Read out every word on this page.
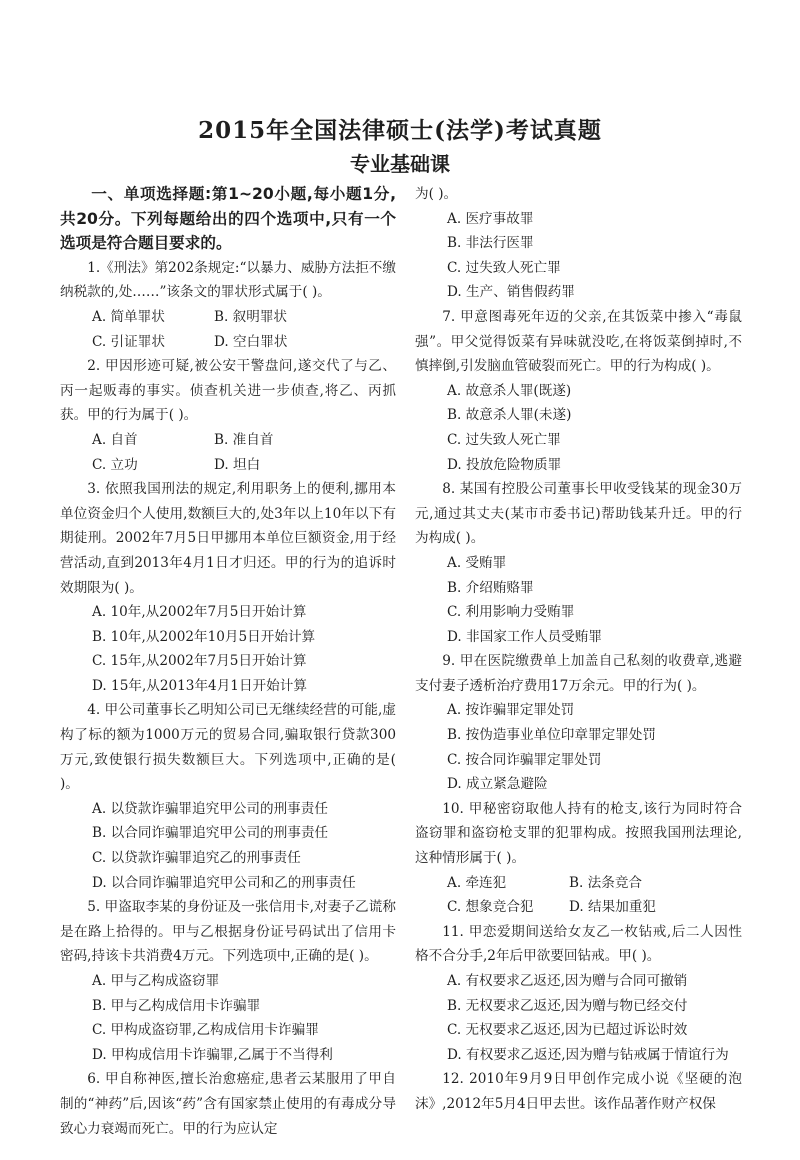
2015年全国法律硕士(法学)考试真题
专业基础课

一、单项选择题:第1~20小题,每小题1分,共20分。下列每题给出的四个选项中,只有一个选项是符合题目要求的。

1.《刑法》第202条规定:“以暴力、威胁方法拒不缴纳税款的,处……”该条文的罪状形式属于( )。

A. 简单罪状	B. 叙明罪状
C. 引证罪状	D. 空白罪状

2. 甲因形迹可疑,被公安干警盘问,遂交代了与乙、丙一起贩毒的事实。侦查机关进一步侦查,将乙、丙抓获。甲的行为属于( )。

A. 自首	B. 准自首
C. 立功	D. 坦白

3. 依照我国刑法的规定,利用职务上的便利,挪用本单位资金归个人使用,数额巨大的,处3年以上10年以下有期徒刑。2002年7月5日甲挪用本单位巨额资金,用于经营活动,直到2013年4月1日才归还。甲的行为的追诉时效期限为( )。

A. 10年,从2002年7月5日开始计算

B. 10年,从2002年10月5日开始计算

C. 15年,从2002年7月5日开始计算

D. 15年,从2013年4月1日开始计算

4. 甲公司董事长乙明知公司已无继续经营的可能,虚构了标的额为1000万元的贸易合同,骗取银行贷款300万元,致使银行损失数额巨大。下列选项中,正确的是( )。

A. 以贷款诈骗罪追究甲公司的刑事责任

B. 以合同诈骗罪追究甲公司的刑事责任

C. 以贷款诈骗罪追究乙的刑事责任

D. 以合同诈骗罪追究甲公司和乙的刑事责任

5. 甲盗取李某的身份证及一张信用卡,对妻子乙谎称是在路上拾得的。甲与乙根据身份证号码试出了信用卡密码,持该卡共消费4万元。下列选项中,正确的是( )。

A. 甲与乙构成盗窃罪

B. 甲与乙构成信用卡诈骗罪

C. 甲构成盗窃罪,乙构成信用卡诈骗罪

D. 甲构成信用卡诈骗罪,乙属于不当得利

6. 甲自称神医,擅长治愈癌症,患者云某服用了甲自制的“神药”后,因该“药”含有国家禁止使用的有毒成分导致心力衰竭而死亡。甲的行为应认定

为( )。

A. 医疗事故罪

B. 非法行医罪

C. 过失致人死亡罪

D. 生产、销售假药罪

7. 甲意图毒死年迈的父亲,在其饭菜中掺入“毒鼠强”。甲父觉得饭菜有异味就没吃,在将饭菜倒掉时,不慎摔倒,引发脑血管破裂而死亡。甲的行为构成( )。

A. 故意杀人罪(既遂)

B. 故意杀人罪(未遂)

C. 过失致人死亡罪

D. 投放危险物质罪

8. 某国有控股公司董事长甲收受钱某的现金30万元,通过其丈夫(某市市委书记)帮助钱某升迁。甲的行为构成( )。

A. 受贿罪

B. 介绍贿赂罪

C. 利用影响力受贿罪

D. 非国家工作人员受贿罪

9. 甲在医院缴费单上加盖自己私刻的收费章,逃避支付妻子透析治疗费用17万余元。甲的行为( )。

A. 按诈骗罪定罪处罚

B. 按伪造事业单位印章罪定罪处罚

C. 按合同诈骗罪定罪处罚

D. 成立紧急避险

10. 甲秘密窃取他人持有的枪支,该行为同时符合盗窃罪和盗窃枪支罪的犯罪构成。按照我国刑法理论,这种情形属于( )。

A. 牵连犯	B. 法条竞合
C. 想象竞合犯	D. 结果加重犯

11. 甲恋爱期间送给女友乙一枚钻戒,后二人因性格不合分手,2年后甲欲要回钻戒。甲( )。

A. 有权要求乙返还,因为赠与合同可撤销

B. 无权要求乙返还,因为赠与物已经交付

C. 无权要求乙返还,因为已超过诉讼时效

D. 有权要求乙返还,因为赠与钻戒属于情谊行为

12. 2010年9月9日甲创作完成小说《坚硬的泡沫》,2012年5月4日甲去世。该作品著作财产权保
